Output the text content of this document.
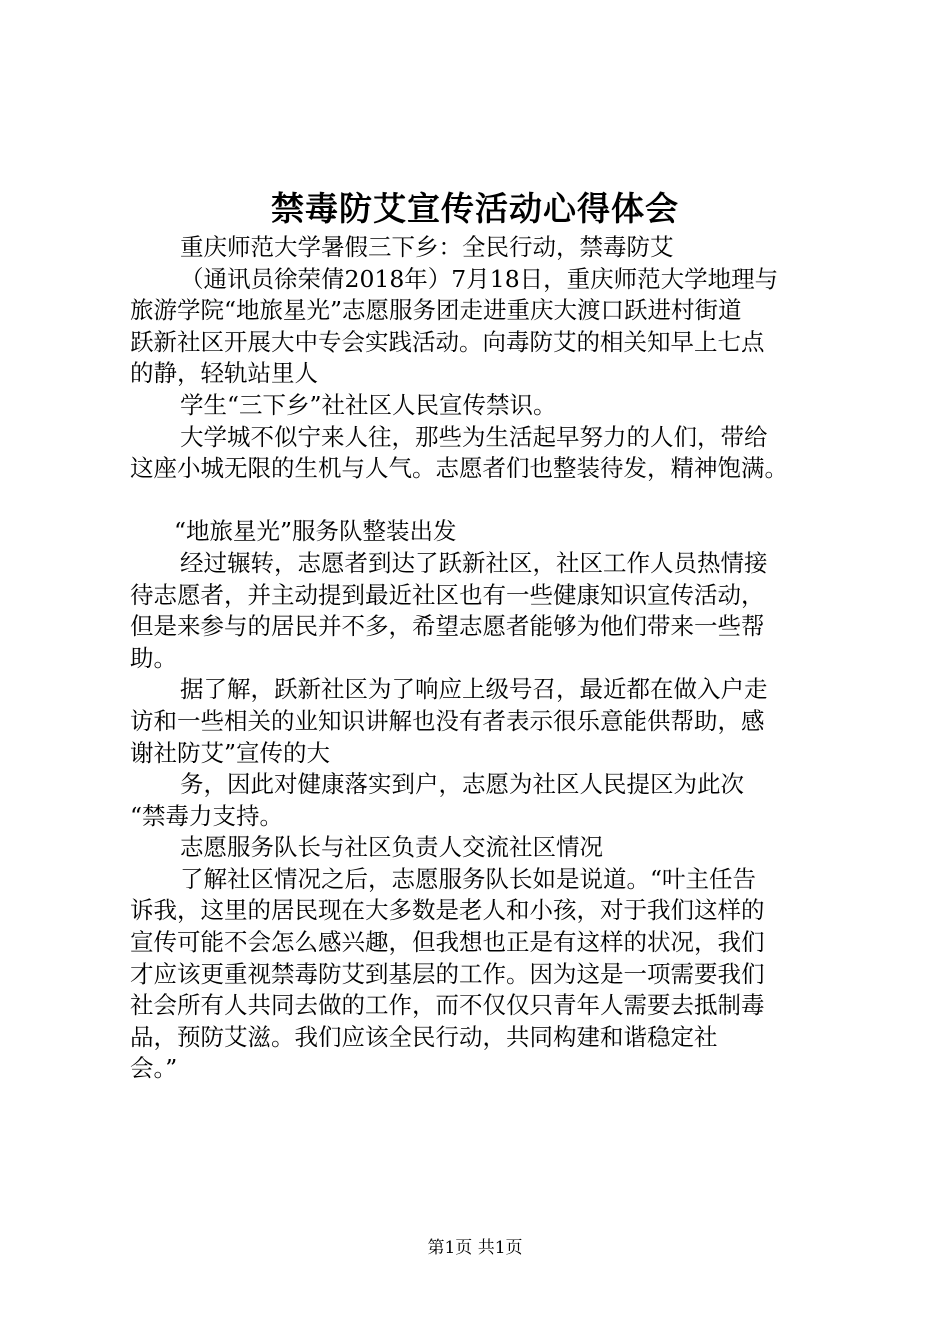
禁毒防艾宣传活动心得体会
重庆师范大学暑假三下乡：全民行动，禁毒防艾
（通讯员徐荣倩2018年）7月18日，重庆师范大学地理与
旅游学院“地旅星光”志愿服务团走进重庆大渡口跃进村街道
跃新社区开展大中专会实践活动。向毒防艾的相关知早上七点
的静，轻轨站里人
学生“三下乡”社社区人民宣传禁识。
大学城不似宁来人往，那些为生活起早努力的人们，带给
这座小城无限的生机与人气。志愿者们也整装待发，精神饱满。
“地旅星光”服务队整装出发
经过辗转，志愿者到达了跃新社区，社区工作人员热情接
待志愿者，并主动提到最近社区也有一些健康知识宣传活动，
但是来参与的居民并不多，希望志愿者能够为他们带来一些帮
助。
据了解，跃新社区为了响应上级号召，最近都在做入户走
访和一些相关的业知识讲解也没有者表示很乐意能供帮助，感
谢社防艾”宣传的大
务，因此对健康落实到户，志愿为社区人民提区为此次
“禁毒力支持。
志愿服务队长与社区负责人交流社区情况
了解社区情况之后，志愿服务队长如是说道。“叶主任告
诉我，这里的居民现在大多数是老人和小孩，对于我们这样的
宣传可能不会怎么感兴趣，但我想也正是有这样的状况，我们
才应该更重视禁毒防艾到基层的工作。因为这是一项需要我们
社会所有人共同去做的工作，而不仅仅只青年人需要去抵制毒
品，预防艾滋。我们应该全民行动，共同构建和谐稳定社
会。”
第1页 共1页
